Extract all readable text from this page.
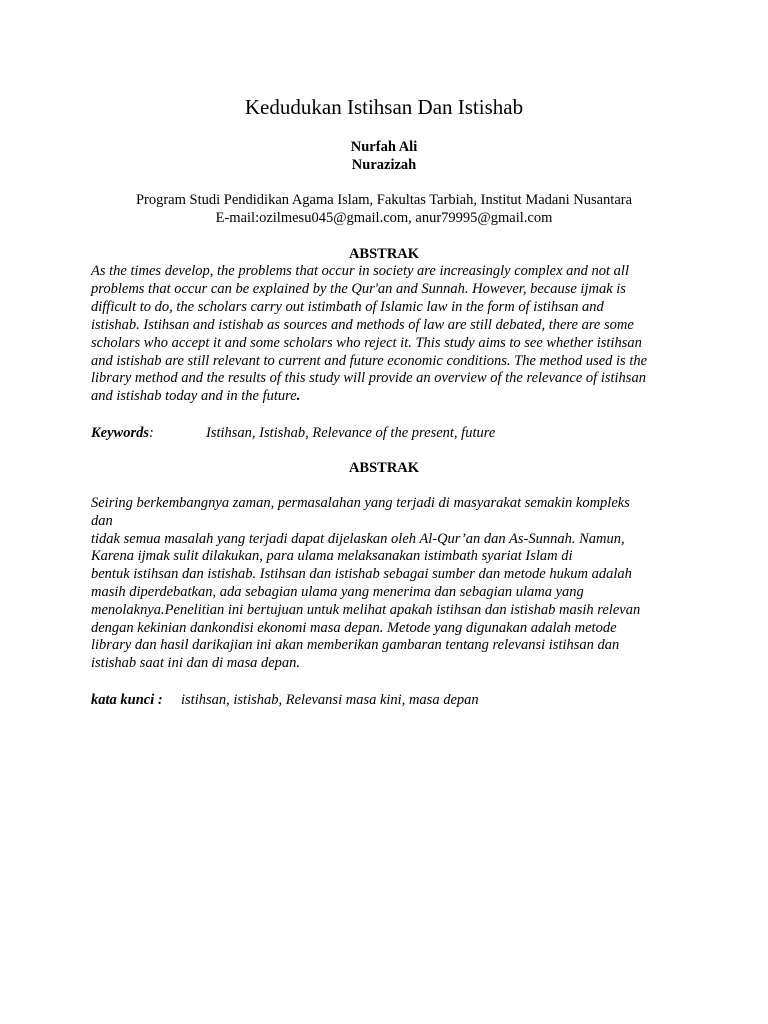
Kedudukan Istihsan Dan Istishab
Nurfah Ali
Nurazizah
Program Studi Pendidikan Agama Islam, Fakultas Tarbiah, Institut Madani Nusantara
E-mail:ozilmesu045@gmail.com, anur79995@gmail.com
ABSTRAK
As the times develop, the problems that occur in society are increasingly complex and not all
problems that occur can be explained by the Qur'an and Sunnah. However, because ijmak is
difficult to do, the scholars carry out istimbath of Islamic law in the form of istihsan and
istishab. Istihsan and istishab as sources and methods of law are still debated, there are some
scholars who accept it and some scholars who reject it. This study aims to see whether istihsan
and istishab are still relevant to current and future economic conditions. The method used is the
library method and the results of this study will provide an overview of the relevance of istihsan
and istishab today and in the future.
Keywords:	Istihsan, Istishab, Relevance of the present, future
ABSTRAK
Seiring berkembangnya zaman, permasalahan yang terjadi di masyarakat semakin kompleks
dan
tidak semua masalah yang terjadi dapat dijelaskan oleh Al-Qur’an dan As-Sunnah. Namun,
Karena ijmak sulit dilakukan, para ulama melaksanakan istimbath syariat Islam di
bentuk istihsan dan istishab. Istihsan dan istishab sebagai sumber dan metode hukum adalah
masih diperdebatkan, ada sebagian ulama yang menerima dan sebagian ulama yang
menolaknya.Penelitian ini bertujuan untuk melihat apakah istihsan dan istishab masih relevan
dengan kekinian dankondisi ekonomi masa depan. Metode yang digunakan adalah metode
library dan hasil darikajian ini akan memberikan gambaran tentang relevansi istihsan dan
istishab saat ini dan di masa depan.
kata kunci : istihsan, istishab, Relevansi masa kini, masa depan
